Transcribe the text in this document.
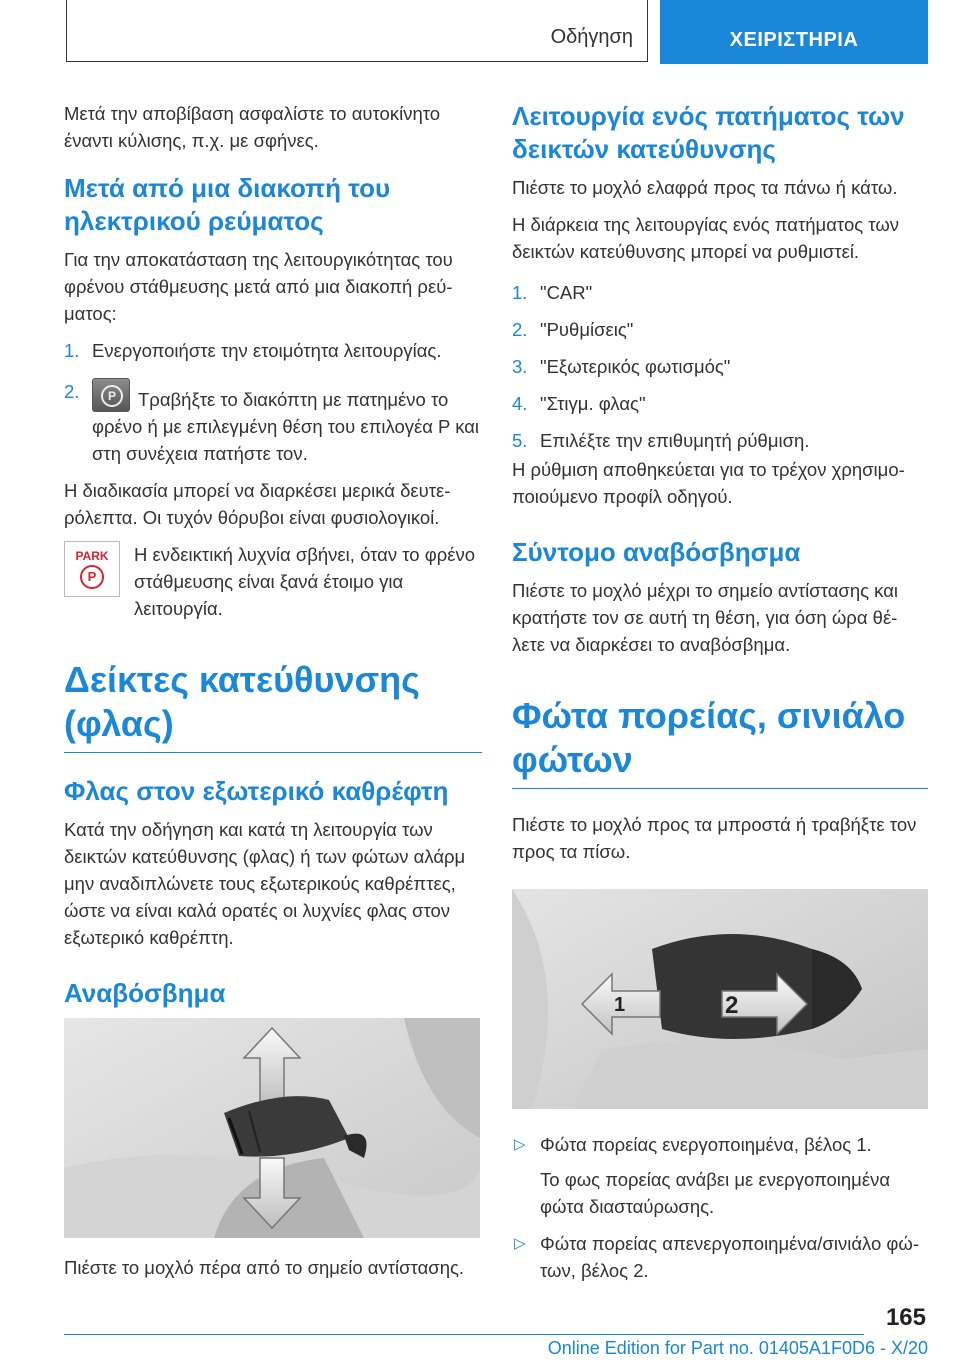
Οδήγηση	ΧΕΙΡΙΣΤΗΡΙΑ

Μετά την αποβίβαση ασφαλίστε το αυτοκίνητο έναντι κύλισης, π.χ. με σφήνες.

Μετά από μια διακοπή του ηλεκτρικού ρεύματος

Για την αποκατάσταση της λειτουργικότητας του φρένου στάθμευσης μετά από μια διακοπή ρεύ- ματος:

1. Ενεργοποιήστε την ετοιμότητα λειτουργίας.
2.	P	Τραβήξτε το διακόπτη με πατημένο το φρένο ή με επιλεγμένη θέση του επιλογέα P και στη συνέχεια πατήστε τον.

Η διαδικασία μπορεί να διαρκέσει μερικά δευτε- ρόλεπτα. Οι τυχόν θόρυβοι είναι φυσιολογικοί.

PARK
P

Η ενδεικτική λυχνία σβήνει, όταν το φρένο στάθμευσης είναι ξανά έτοιμο για λειτουργία.

Δείκτες κατεύθυνσης (φλας)
Φλας στον εξωτερικό καθρέφτη

Κατά την οδήγηση και κατά τη λειτουργία των δεικτών κατεύθυνσης (φλας) ή των φώτων αλάρμ μην αναδιπλώνετε τους εξωτερικούς καθρέπτες, ώστε να είναι καλά ορατές οι λυχνίες φλας στον εξωτερικό καθρέπτη.

Αναβόσβημα

Πιέστε το μοχλό πέρα από το σημείο αντίστασης.

Λειτουργία ενός πατήματος των δεικτών κατεύθυνσης

Πιέστε το μοχλό ελαφρά προς τα πάνω ή κάτω.

Η διάρκεια της λειτουργίας ενός πατήματος των δεικτών κατεύθυνσης μπορεί να ρυθμιστεί.

1. "CAR"
2. "Ρυθμίσεις"
3. "Εξωτερικός φωτισμός"
4. "Στιγμ. φλας"
5. Επιλέξτε την επιθυμητή ρύθμιση.

Η ρύθμιση αποθηκεύεται για το τρέχον χρησιμο- ποιούμενο προφίλ οδηγού.

Σύντομο αναβόσβησμα

Πιέστε το μοχλό μέχρι το σημείο αντίστασης και κρατήστε τον σε αυτή τη θέση, για όση ώρα θέ- λετε να διαρκέσει το αναβόσβημα.

Φώτα πορείας, σινιάλο φώτων

Πιέστε το μοχλό προς τα μπροστά ή τραβήξτε τον προς τα πίσω.

1	2
▷ Φώτα πορείας ενεργοποιημένα, βέλος 1.

Το φως πορείας ανάβει με ενεργοποιημένα φώτα διασταύρωσης.

▷ Φώτα πορείας απενεργοποιημένα/σινιάλο φώ- των, βέλος 2.
165
Online Edition for Part no. 01405A1F0D6 - X/20
